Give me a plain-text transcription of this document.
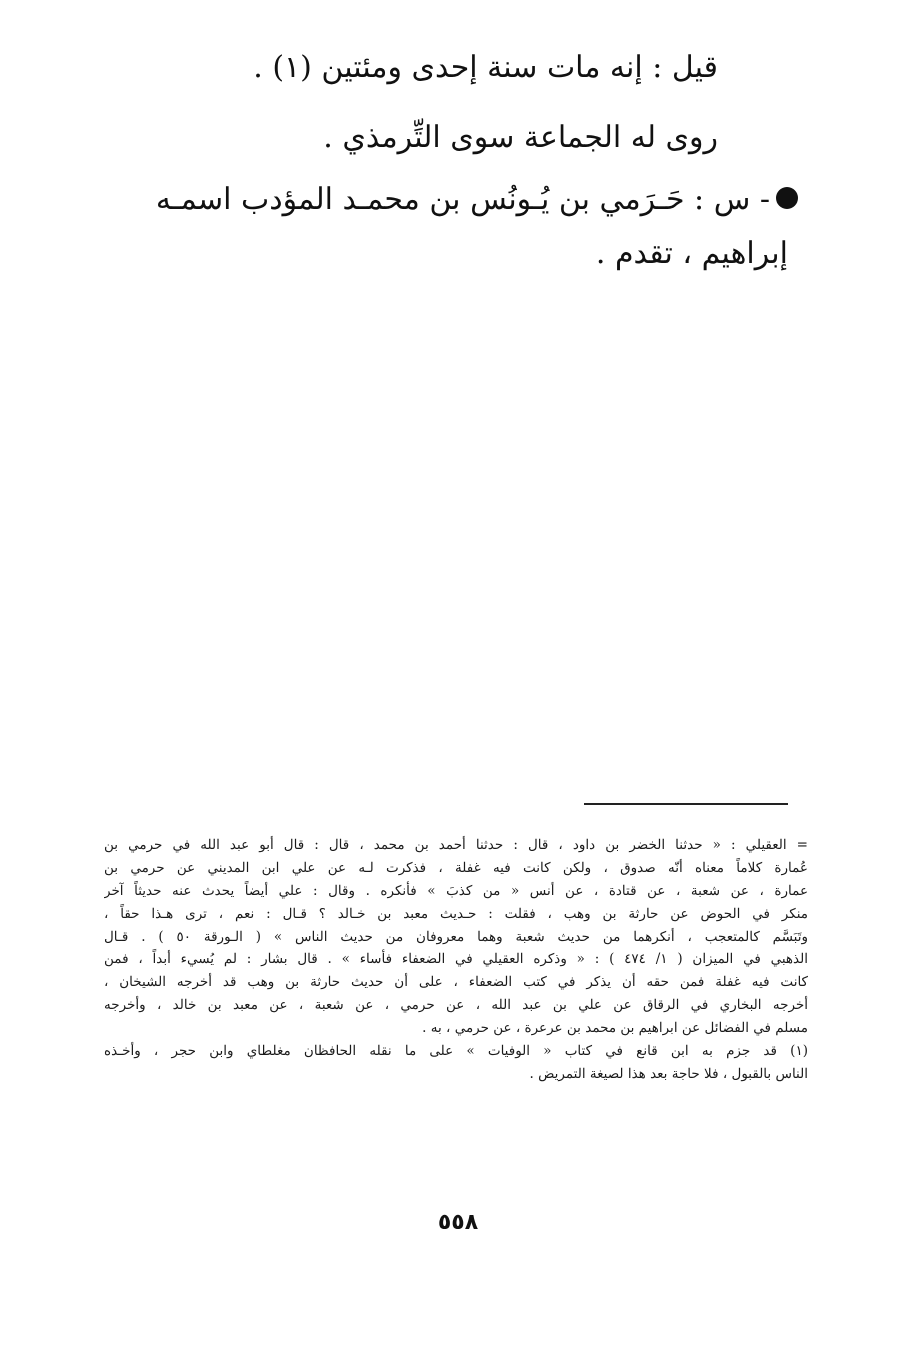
قيل : إنه مات سنة إحدى ومئتين (١) .
روى له الجماعة سوى التِّرمذي .
- س : حَـرَمي بن يُـونُس بن محمـد المؤدب اسمـه
إبراهيم ، تقدم .
= العقيلي : « حدثنا الخضر بن داود ، قال : حدثنا أحمد بن محمد ، قال : قال أبو عبد الله في حرمي بن
عُمارة كلاماً معناه أنّه صدوق ، ولكن كانت فيه غفلة ، فذكرت لـه عن علي ابن المديني عن حرمي بن
عمارة ، عن شعبة ، عن قتادة ، عن أنس « من كذبَ » فأنكره . وقال : علي أيضاً يحدث عنه حديثاً آخر
منكر في الحوض عن حارثة بن وهب ، فقلت : حـديث معبد بن خـالد ؟ قـال : نعم ، ترى هـذا حقاً ،
وتَبَسَّم كالمتعجب ، أنكرهما من حديث شعبة وهما معروفان من حديث الناس » ( الـورقة ٥٠ ) . قـال
الذهبي في الميزان ( ١/ ٤٧٤ ) : « وذكره العقيلي في الضعفاء فأساء » . قال بشار : لم يُسيء أبداً ، فمن
كانت فيه غفلة فمن حقه أن يذكر في كتب الضعفاء ، على أن حديث حارثة بن وهب قد أخرجه الشيخان ،
أخرجه البخاري في الرقاق عن علي بن عبد الله ، عن حرمي ، عن شعبة ، عن معبد بن خالد ، وأخرجه
مسلم في الفضائل عن ابراهيم بن محمد بن عرعرة ، عن حرمي ، به .
(١) قد جزم به ابن قانع في كتاب « الوفيات » على ما نقله الحافظان مغلطاي وابن حجر ، وأخـذه
الناس بالقبول ، فلا حاجة بعد هذا لصيغة التمريض .
٥٥٨
